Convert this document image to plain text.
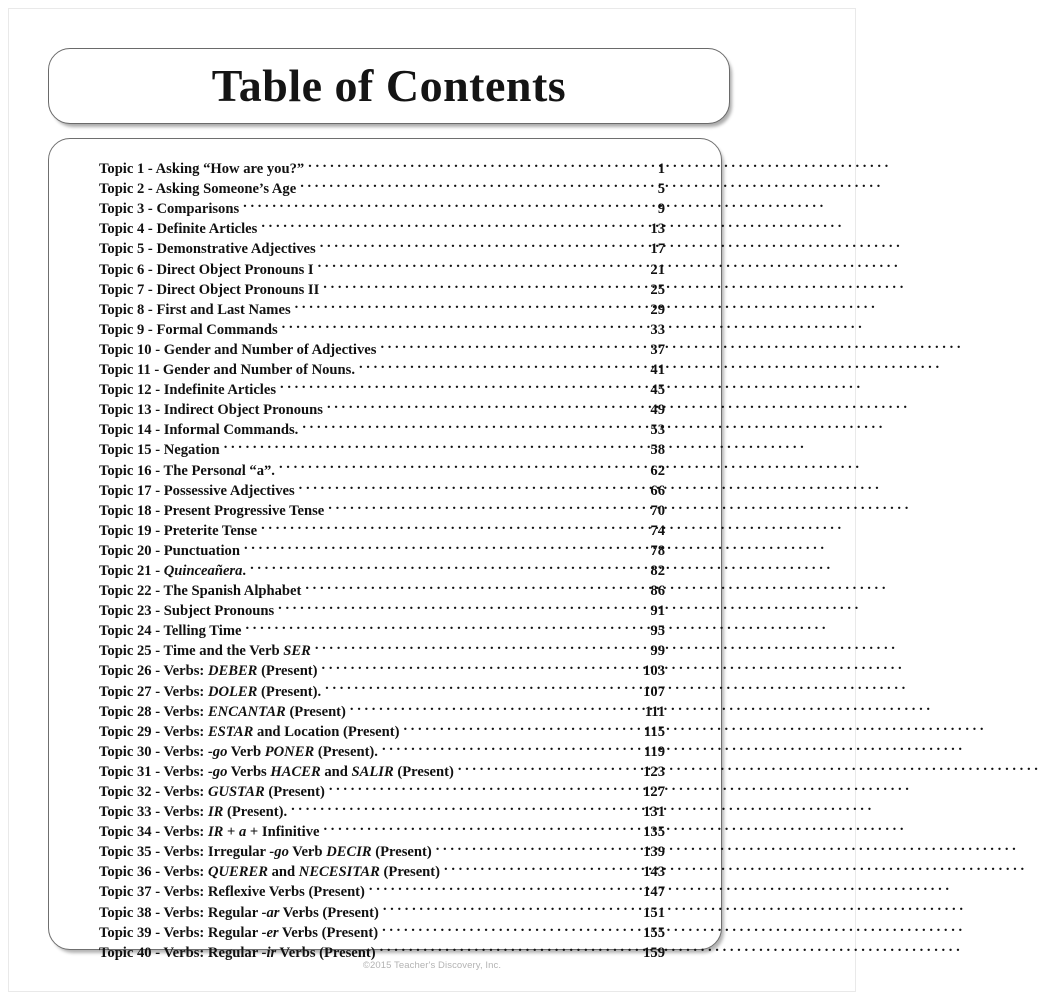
Table of Contents
Topic 1 - Asking “How are you?” . . .	1
Topic 2 - Asking Someone’s Age . . .	5
Topic 3 - Comparisons . . .	9
Topic 4 - Definite Articles . . .	13
Topic 5 - Demonstrative Adjectives . . .	17
Topic 6 - Direct Object Pronouns I . . .	21
Topic 7 - Direct Object Pronouns II . . .	25
Topic 8 - First and Last Names . . .	29
Topic 9 - Formal Commands . . .	33
Topic 10 - Gender and Number of Adjectives . . .	37
Topic 11 - Gender and Number of Nouns. . . .	41
Topic 12 - Indefinite Articles . . .	45
Topic 13 - Indirect Object Pronouns . . .	49
Topic 14 - Informal Commands. . . .	53
Topic 15 - Negation . . .	58
Topic 16 - The Personal “a”. . . .	62
Topic 17 - Possessive Adjectives . . .	66
Topic 18 - Present Progressive Tense . . .	70
Topic 19 - Preterite Tense . . .	74
Topic 20 - Punctuation . . .	78
Topic 21 - Quinceañera. . . .	82
Topic 22 - The Spanish Alphabet . . .	86
Topic 23 - Subject Pronouns . . .	91
Topic 24 - Telling Time . . .	95
Topic 25 - Time and the Verb SER . . .	99
Topic 26 - Verbs: DEBER (Present) . . .	103
Topic 27 - Verbs: DOLER (Present). . . .	107
Topic 28 - Verbs: ENCANTAR (Present) . . .	111
Topic 29 - Verbs: ESTAR and Location (Present) . . .	115
Topic 30 - Verbs: -go Verb PONER (Present). . . .	119
Topic 31 - Verbs: -go Verbs HACER and SALIR (Present) . . .	123
Topic 32 - Verbs: GUSTAR (Present) . . .	127
Topic 33 - Verbs: IR (Present). . . .	131
Topic 34 - Verbs: IR + a + Infinitive . . .	135
Topic 35 - Verbs: Irregular -go Verb DECIR (Present) . . .	139
Topic 36 - Verbs: QUERER and NECESITAR (Present) . . .	143
Topic 37 - Verbs: Reflexive Verbs (Present) . . .	147
Topic 38 - Verbs: Regular -ar Verbs (Present) . . .	151
Topic 39 - Verbs: Regular -er Verbs (Present) . . .	155
Topic 40 - Verbs: Regular -ir Verbs (Present) . . .	159
©2015 Teacher's Discovery, Inc.
